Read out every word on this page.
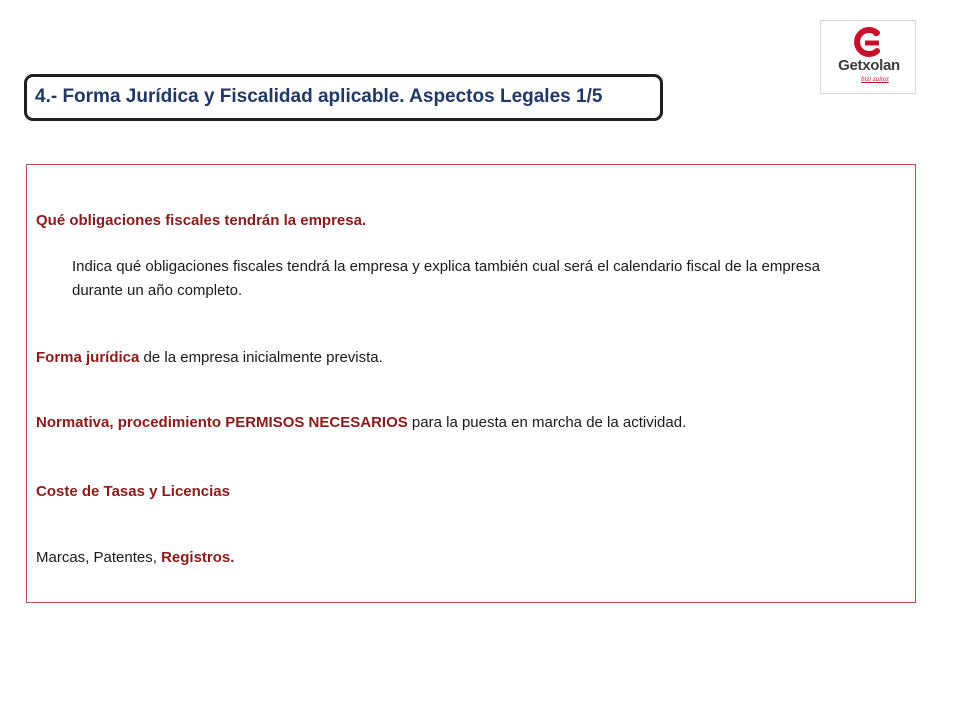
Getxolan
bizi zaitez
4.- Forma Jurídica y Fiscalidad aplicable. Aspectos Legales 1/5
Qué obligaciones fiscales tendrán la empresa.
Indica qué obligaciones fiscales tendrá la empresa y explica también cual será el calendario fiscal de la empresa durante un año completo.
Forma jurídica de la empresa inicialmente prevista.
Normativa, procedimiento PERMISOS NECESARIOS para la puesta en marcha de la actividad.
Coste de Tasas y Licencias
Marcas, Patentes, Registros.
